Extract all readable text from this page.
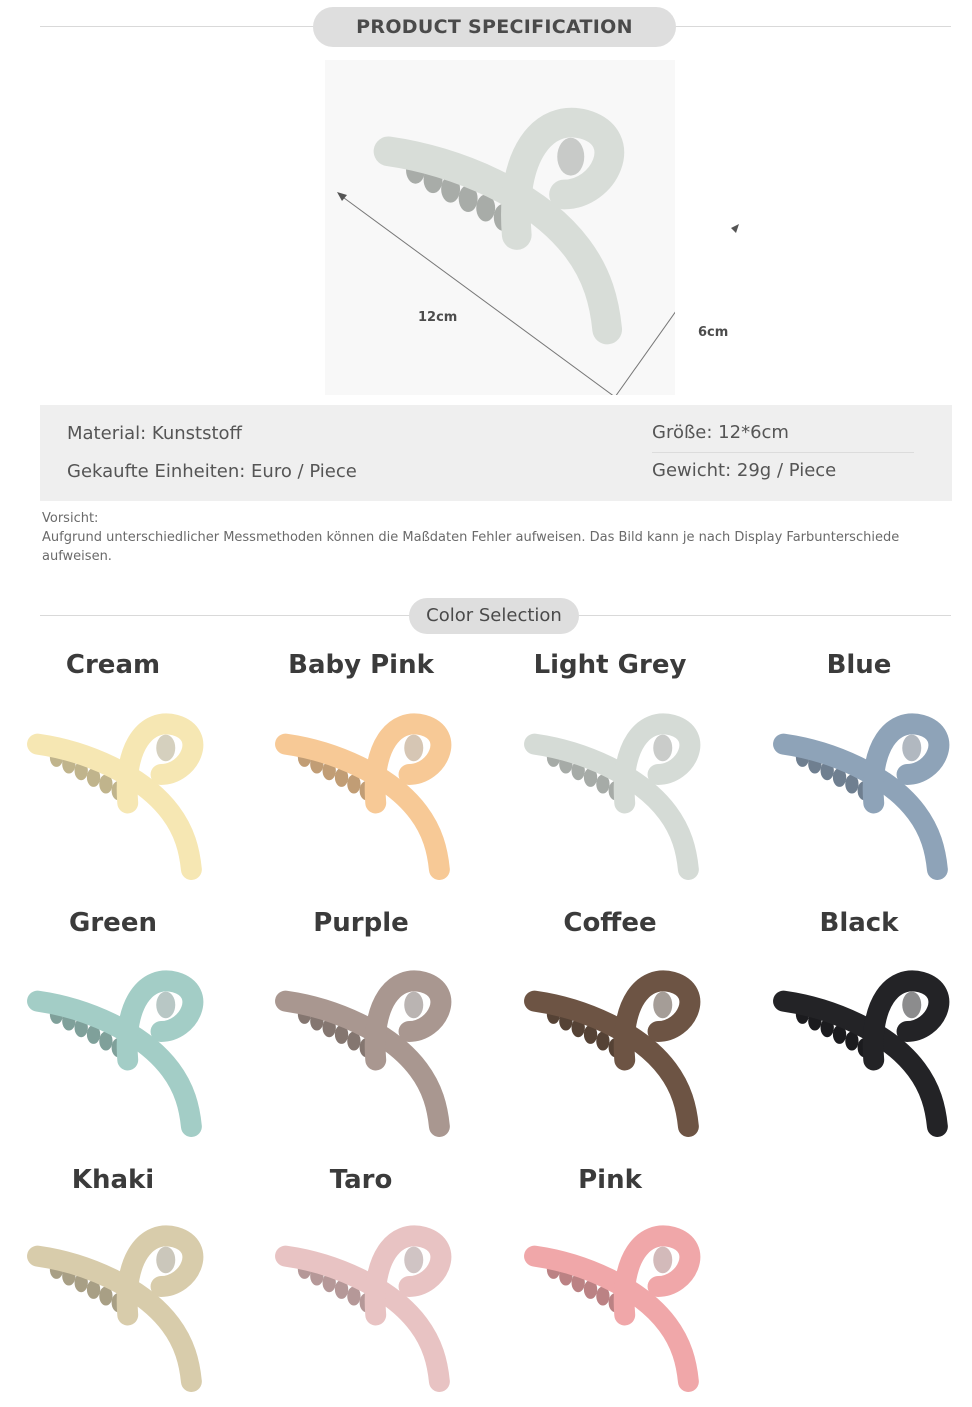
PRODUCT SPECIFICATION
12cm
6cm
Material: Kunststoff	Größe: 12*6cm
Gekaufte Einheiten: Euro / Piece	Gewicht: 29g / Piece
Vorsicht:
Aufgrund unterschiedlicher Messmethoden können die Maßdaten Fehler aufweisen. Das Bild kann je nach Display Farbunterschiede
aufweisen.
Color Selection
Cream	Baby Pink	Light Grey	Blue
Green	Purple	Coffee	Black
Khaki	Taro	Pink
